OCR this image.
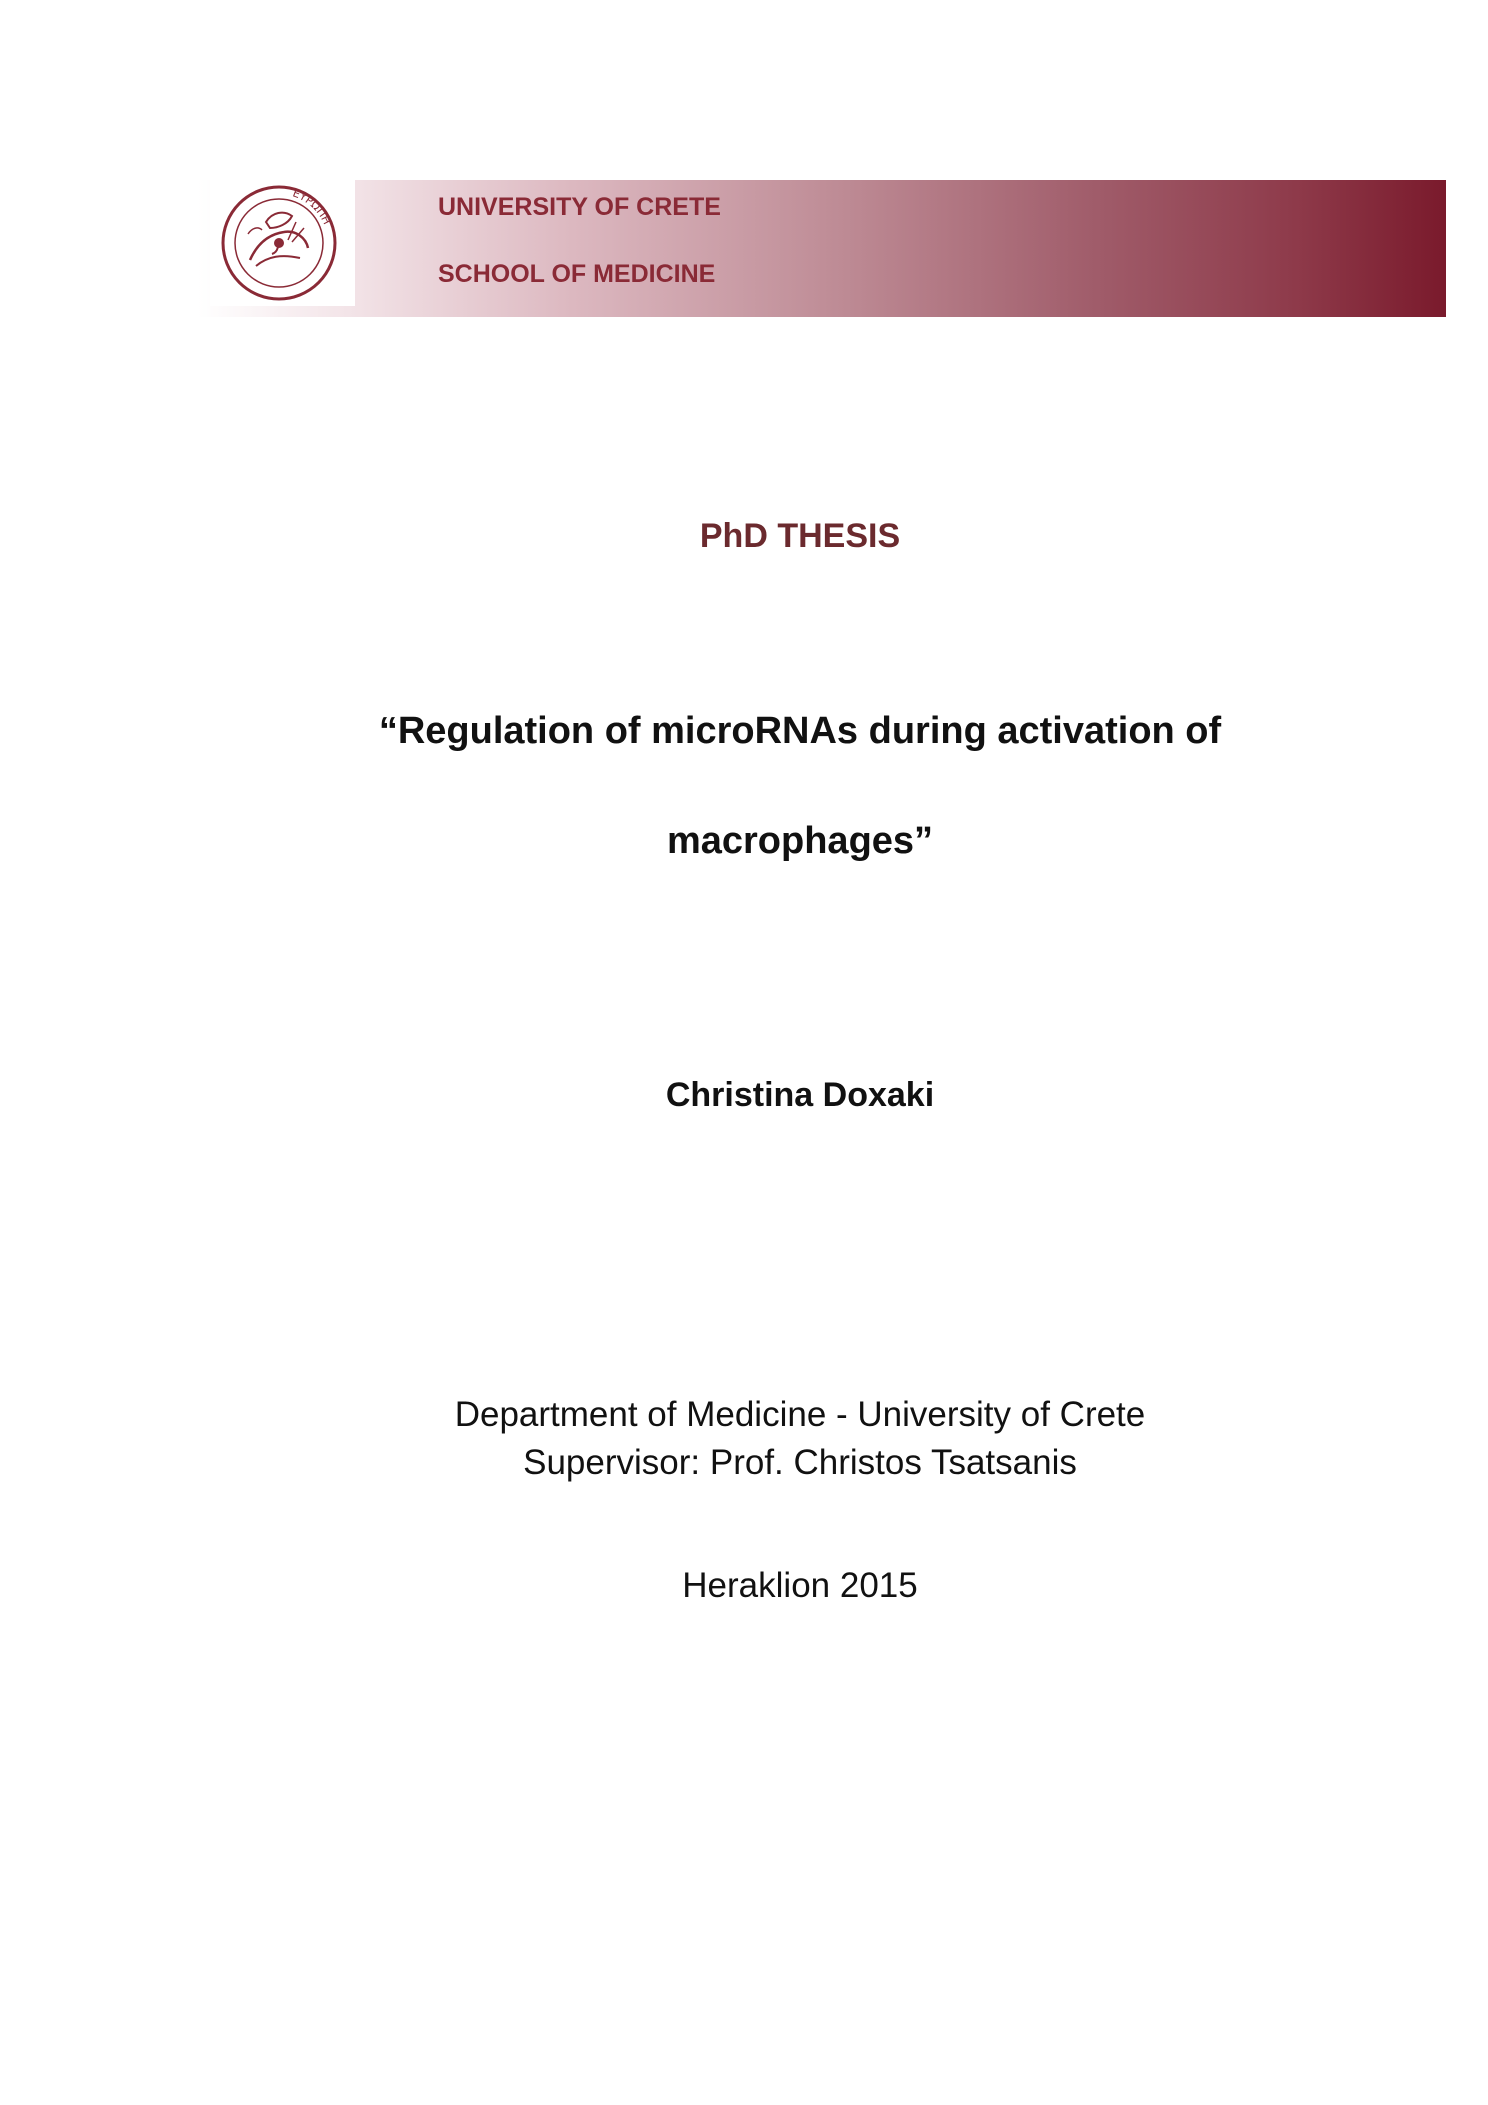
ΕΥΡΩΠΗ	UNIVERSITY OF CRETE
SCHOOL OF MEDICINE
PhD THESIS
“Regulation of microRNAs during activation of
macrophages”
Christina Doxaki
Department of Medicine - University of Crete
Supervisor: Prof. Christos Tsatsanis
Heraklion 2015
